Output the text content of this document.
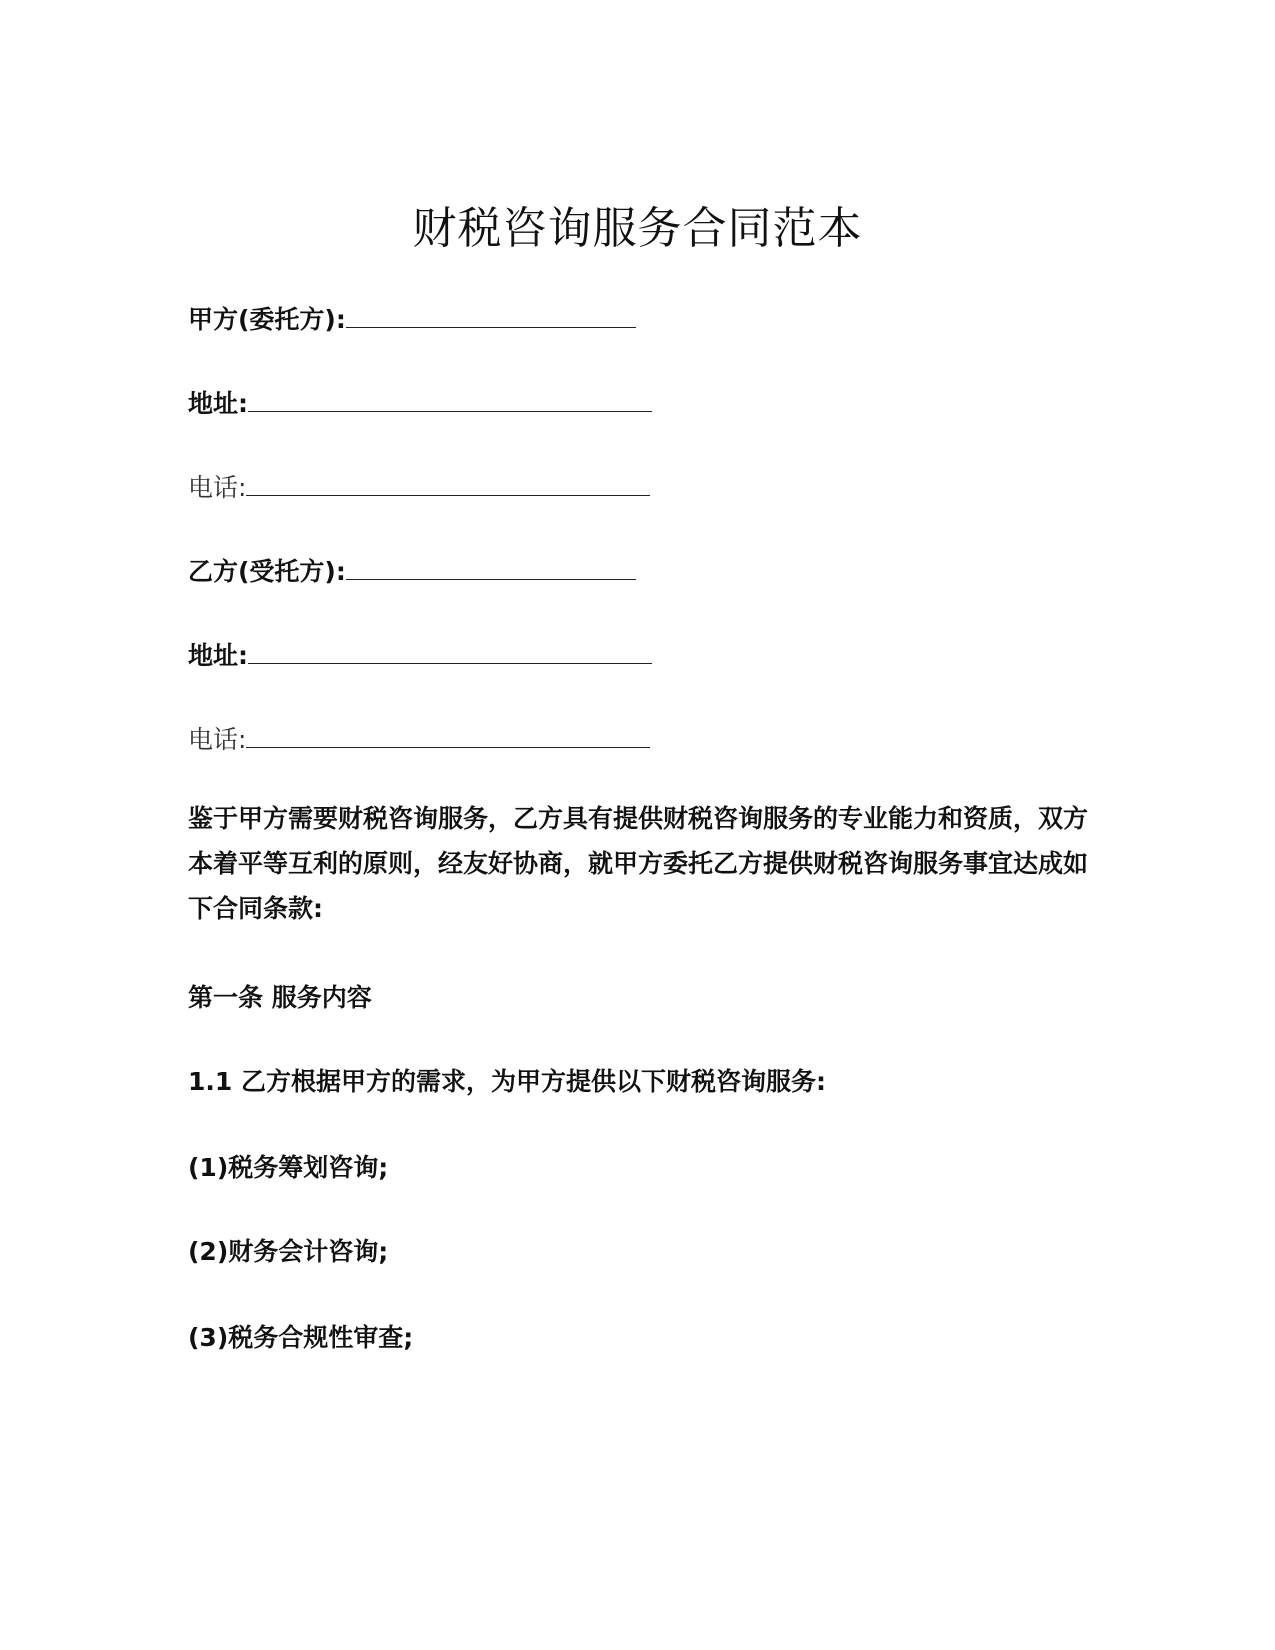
财税咨询服务合同范本
甲方(委托方):
地址:
电话:
乙方(受托方):
地址:
电话:
鉴于甲方需要财税咨询服务，乙方具有提供财税咨询服务的专业能力和资质，双方本着平等互利的原则，经友好协商，就甲方委托乙方提供财税咨询服务事宜达成如下合同条款:
第一条 服务内容
1.1 乙方根据甲方的需求，为甲方提供以下财税咨询服务:
(1)税务筹划咨询;
(2)财务会计咨询;
(3)税务合规性审查;
